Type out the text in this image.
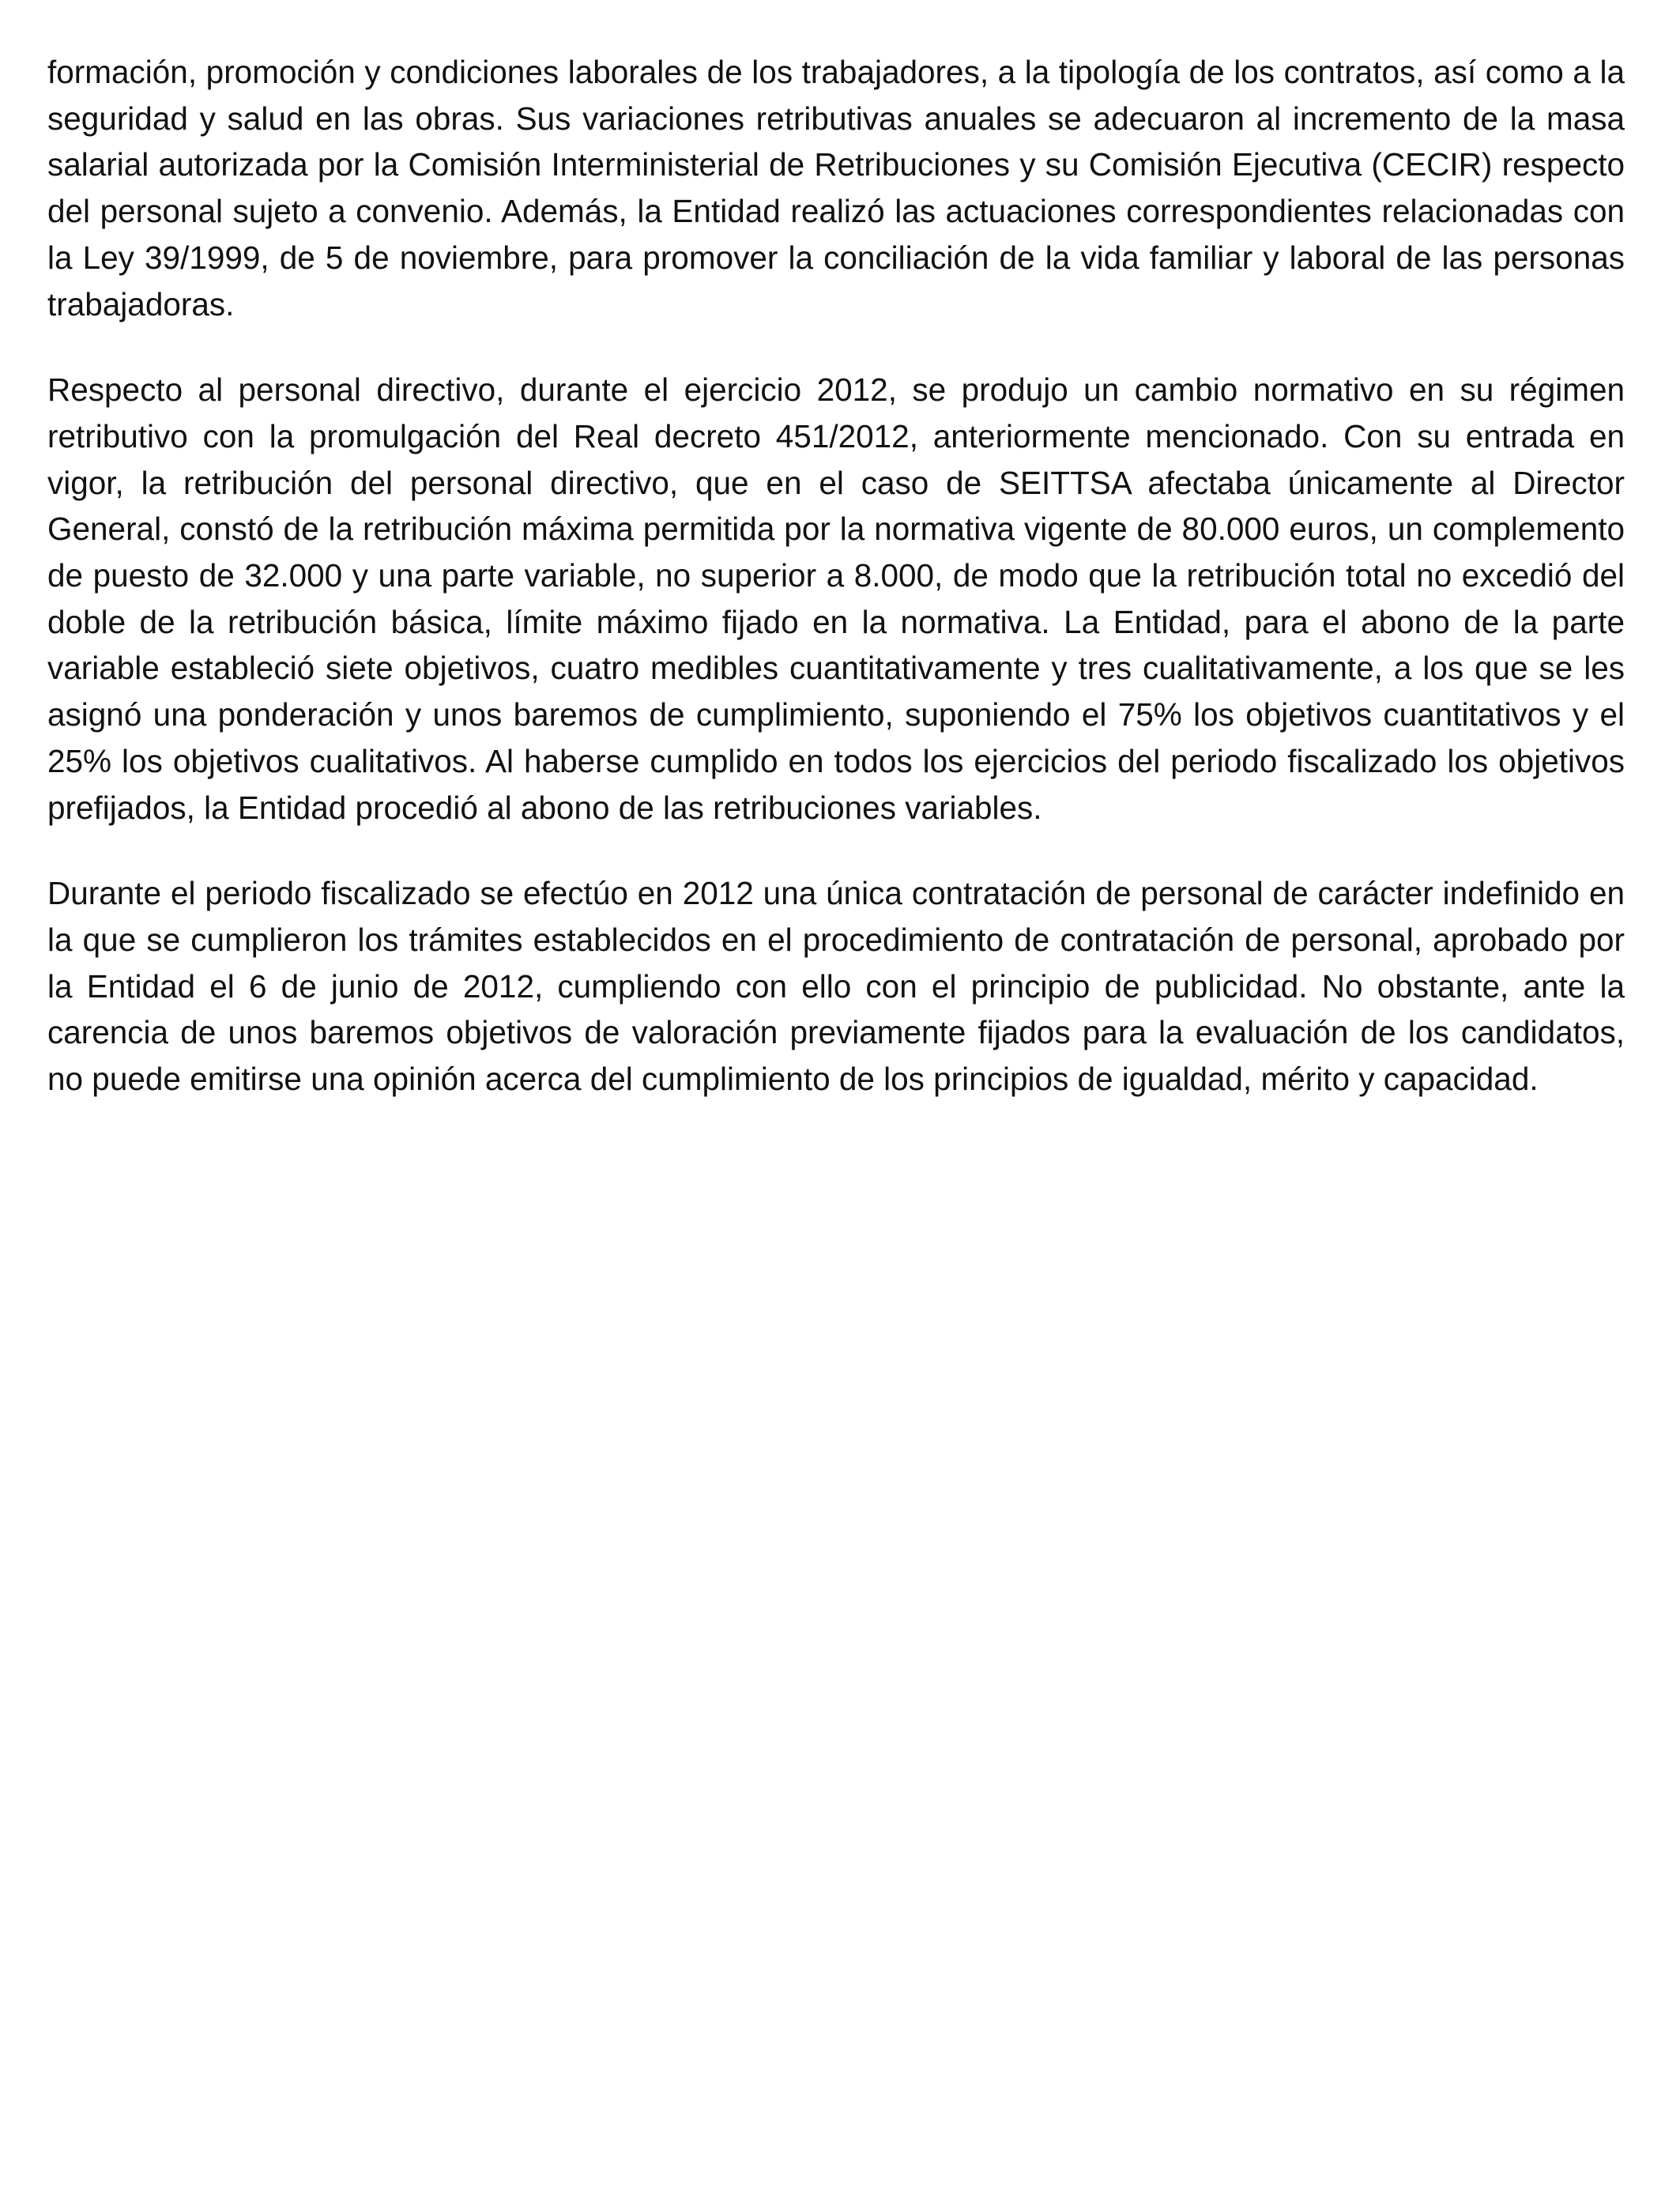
formación, promoción y condiciones laborales de los trabajadores, a la tipología de los contratos, así como a la seguridad y salud en las obras. Sus variaciones retributivas anuales se adecuaron al incremento de la masa salarial autorizada por la Comisión Interministerial de Retribuciones y su Comisión Ejecutiva (CECIR) respecto del personal sujeto a convenio. Además, la Entidad realizó las actuaciones correspondientes relacionadas con la Ley 39/1999, de 5 de noviembre, para promover la conciliación de la vida familiar y laboral de las personas trabajadoras.

Respecto al personal directivo, durante el ejercicio 2012, se produjo un cambio normativo en su régimen retributivo con la promulgación del Real decreto 451/2012, anteriormente mencionado. Con su entrada en vigor, la retribución del personal directivo, que en el caso de SEITTSA afectaba únicamente al Director General, constó de la retribución máxima permitida por la normativa vigente de 80.000 euros, un complemento de puesto de 32.000 y una parte variable, no superior a 8.000, de modo que la retribución total no excedió del doble de la retribución básica, límite máximo fijado en la normativa. La Entidad, para el abono de la parte variable estableció siete objetivos, cuatro medibles cuantitativamente y tres cualitativamente, a los que se les asignó una ponderación y unos baremos de cumplimiento, suponiendo el 75% los objetivos cuantitativos y el 25% los objetivos cualitativos. Al haberse cumplido en todos los ejercicios del periodo fiscalizado los objetivos prefijados, la Entidad procedió al abono de las retribuciones variables.

Durante el periodo fiscalizado se efectúo en 2012 una única contratación de personal de carácter indefinido en la que se cumplieron los trámites establecidos en el procedimiento de contratación de personal, aprobado por la Entidad el 6 de junio de 2012, cumpliendo con ello con el principio de publicidad. No obstante, ante la carencia de unos baremos objetivos de valoración previamente fijados para la evaluación de los candidatos, no puede emitirse una opinión acerca del cumplimiento de los principios de igualdad, mérito y capacidad.
